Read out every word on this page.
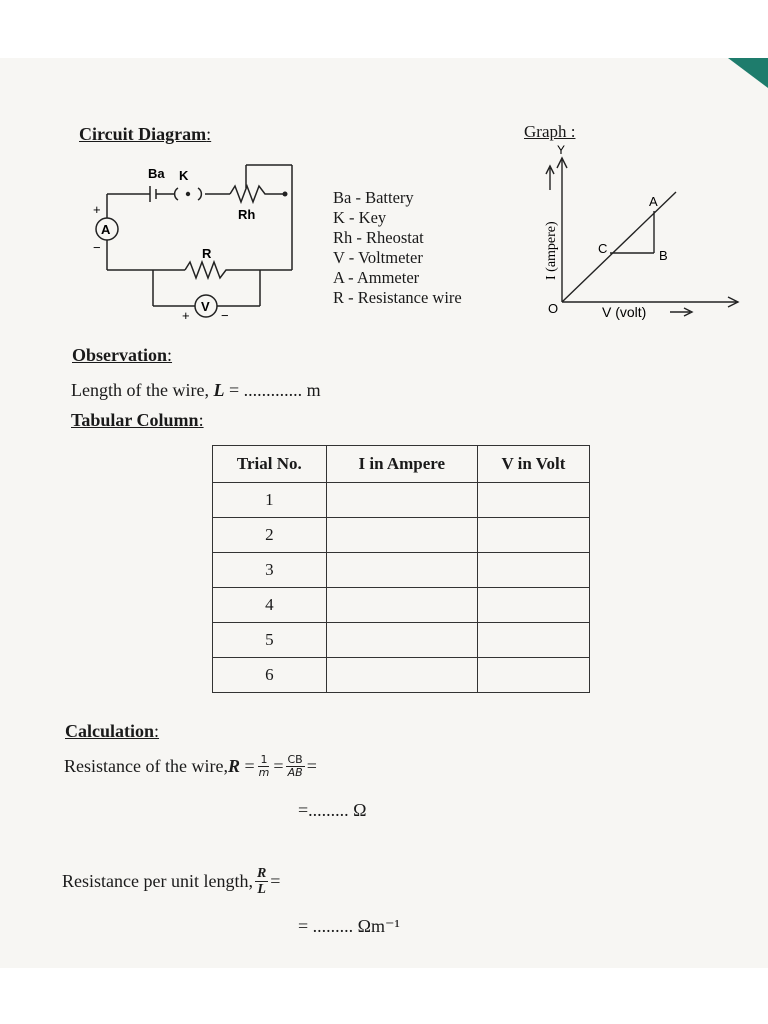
Circuit Diagram:	Graph :
Ba K
Rh
R
A
V
+
−
+ −
Ba - Battery
K - Key
Rh - Rheostat
V - Voltmeter
A - Ammeter
R - Resistance wire
Y
O	V (volt)
I (ampere)
A
B
C
Observation:
Length of the wire, L = ............. m
Tabular Column:
Trial No.	I in Ampere	V in Volt
1		
2		
3		
4		
5		
6		
Calculation:
Resistance of the wire, $R = \frac{1}{m} = \frac{CB}{AB}$ =
=......... Ω
Resistance per unit length, $\frac{R}{L}$ =
= ......... Ωm⁻¹
